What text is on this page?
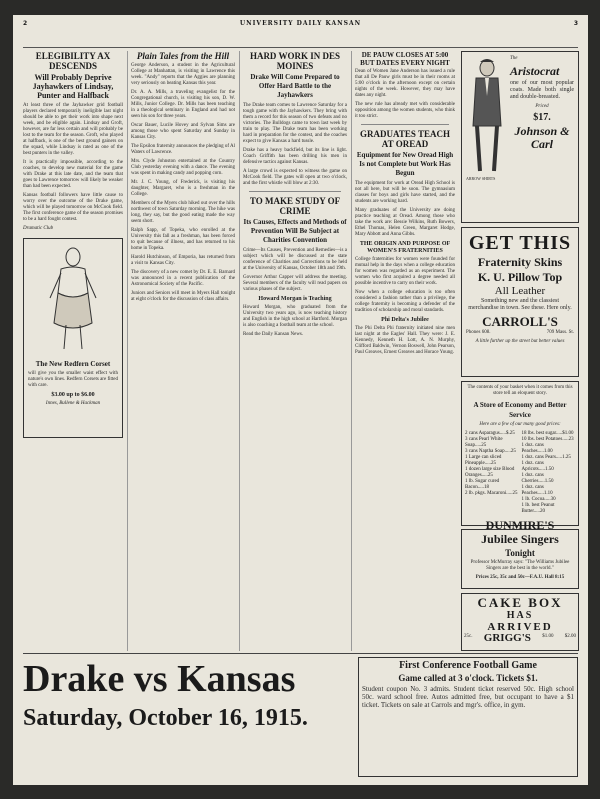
2	UNIVERSITY DAILY KANSAN	3
ELEGIBILITY AX DESCENDS
Will Probably Deprive Jayhawkers of Lindsay, Punter and Halfback
At least three of the Jayhawker grid football players declared temporarily ineligible last night should be able to get their work into shape next week, and be eligible again. Lindsay and Groft, however, are far less certain and will probably be lost to the team for the season. Groft, who played at halfback, is one of the best ground gainers on the squad, while Lindsay is rated as one of the best punters in the valley.
It is practically impossible, according to the coaches, to develop new material for the game with Drake at this late date, and the team that goes to Lawrence tomorrow will likely be weaker than had been expected.
Kansas football followers have little cause to worry over the outcome of the Drake game, which will be played tomorrow on McCook field. The first conference game of the season promises to be a hard fought contest.
Dramatic Club
The New Redfern Corset
will give you the smaller waist effect with nature's own lines. Redfern Corsets are fitted with care.
$3.00 up to $6.00
Innes, Bullene & Hackman
Plain Tales from the Hill
George Anderson, a student in the Agricultural College at Manhattan, is visiting in Lawrence this week. "Andy" reports that the Aggies are planning very seriously on beating Kansas this year.
Dr. A. A. Mills, a traveling evangelist for the Congregational church, is visiting his son, D. W. Mills, Junior College. Dr. Mills has been teaching in a theological seminary in England and had not seen his son for three years.
Oscar Bauer, Lucile Hovey and Sylvan Sims are among those who spent Saturday and Sunday in Kansas City.
The Epsilon fraternity announces the pledging of Al Waters of Lawrence.
Mrs. Clyde Johnston entertained at the Country Club yesterday evening with a dance. The evening was spent in making candy and popping corn.
Mr. J. C. Young, of Frederick, is visiting his daughter, Margaret, who is a freshman in the College.
Members of the Myers club hiked out over the hills northwest of town Saturday morning. The hike was long, they say, but the good eating made the way seem short.
Ralph Sapp, of Topeka, who enrolled at the University this fall as a freshman, has been forced to quit because of illness, and has returned to his home in Topeka.
Harold Hutchinson, of Emporia, has returned from a visit to Kansas City.
The discovery of a new comet by Dr. E. E. Barnard was announced in a recent publication of the Astronomical Society of the Pacific.
Juniors and Seniors will meet in Myers Hall tonight at eight o'clock for the discussion of class affairs.
HARD WORK IN DES MOINES
Drake Will Come Prepared to Offer Hard Battle to the Jayhawkers
The Drake team comes to Lawrence Saturday for a tough game with the Jayhawkers. They bring with them a record for this season of two defeats and no victories. The Bulldogs came to town last week by train to play. The Drake team has been working hard in preparation for the contest, and the coaches expect to give Kansas a hard tussle.
Drake has a heavy backfield, but its line is light. Coach Griffith has been drilling his men in defensive tactics against Kansas.
A large crowd is expected to witness the game on McCook field. The gates will open at two o'clock, and the first whistle will blow at 2:30.
TO MAKE STUDY OF CRIME
Its Causes, Effects and Methods of Prevention Will Be Subject at Charities Convention
Crime—Its Causes, Prevention and Remedies—is a subject which will be discussed at the state conference of Charities and Corrections to be held at the University of Kansas, October 18th and 19th.
Governor Arthur Capper will address the meeting. Several members of the faculty will read papers on various phases of the subject.
Howard Morgan is Teaching
Howard Morgan, who graduated from the University two years ago, is now teaching history and English in the high school at Hartford. Morgan is also coaching a football team at the school.
Read the Daily Kansan News.
DE PAUW CLOSES AT 5:00 BUT DATES EVERY NIGHT
Dean of Women Jane Anderson has issued a rule that all De Pauw girls must be in their rooms at 5:00 o'clock in the afternoon except on certain nights of the week. However, they may have dates any night.
The new rule has already met with considerable opposition among the women students, who think it too strict.
GRADUATES TEACH AT OREAD
Equipment for New Oread High Is not Complete but Work Has Begun
The equipment for work at Oread High School is not all here, but will be soon. The gymnasium classes for boys and girls have started, and the students are working hard.
Many graduates of the University are doing practice teaching at Oread. Among those who take the work are: Bessie Wilkins, Ruth Bowers, Ethel Thomas, Helen Green, Margaret Hodge, Mary Abbott and Anna Gibbs.
THE ORIGIN AND PURPOSE OF WOMEN'S FRATERNITIES
College fraternities for women were founded for mutual help in the days when a college education for women was regarded as an experiment. The women who first acquired a degree needed all possible incentive to carry on their work.
Now when a college education is too often considered a fashion rather than a privilege, the college fraternity is becoming a defender of the tradition of scholarship and moral standards.
Phi Delta's Jubilee
The Phi Delta Phi fraternity initiated nine men last night at the Eagles' Hall. They were: J. E. Kennedy, Kenneth H. Lott, A. N. Murphy, Clifford Baldwin, Vernon Boswell, John Pearson, Paul Greaves, Ernest Greaves and Horace Young.
The
Aristocrat
one of our most popular coats. Made both single and double-breasted.
Priced
$17.
Johnson & Carl
ARROW SHIRTS
GET THIS
Fraternity Skins
K. U. Pillow Top
All Leather
Something new and the classiest merchandise in town. See these. Here only.
CARROLL'S
Phones 608.	709 Mass. St.
A little further up the street but better values
The contents of your basket when it comes from this store tell an eloquent story.
A Store of Economy and Better Service
Here are a few of our many good prices:
2 cans Asparagus.....$.25
3 cans Pearl White Soap.....25
3 cans Naptha Soap.....25
1 Large can sliced Pineapple.....25
1 dozen large size Blood Oranges.....25
1 lb. Sugar cured Bacon.....18
2 lb. pkgs. Macaroni.....25
18 lbs. best sugar.....$1.00
10 lbs. best Potatoes.....23
1 doz. cans Peaches.....1.00
1 doz. cans Pears.....1.25
1 doz. cans Apricots.....1.50
1 doz. cans Cherries.....1.50
1 doz. cans Peaches.....1.10
1 lb. Cocoa.....30
1 lb. best Peanut Butter.....20
DUNMIRE'S
Jubilee Singers
Tonight
Professor McMurray says: "The Williams Jubilee Singers are the best in the world."
Prices 25c, 35c and 50c—F.A.U. Hall 8:15
CAKE BOX
HAS
ARRIVED
25c. GRIGG'S $1.00 $2.00
Drake vs Kansas
Saturday, October 16, 1915.
First Conference Football Game
Game called at 3 o'clock. Tickets $1.
Student coupon No. 3 admits. Student ticket reserved 50c. High school 50c. ward school free. Autos admitted free, but occupant to have a $1 ticket. Tickets on sale at Carrols and mgr's. office, in gym.
